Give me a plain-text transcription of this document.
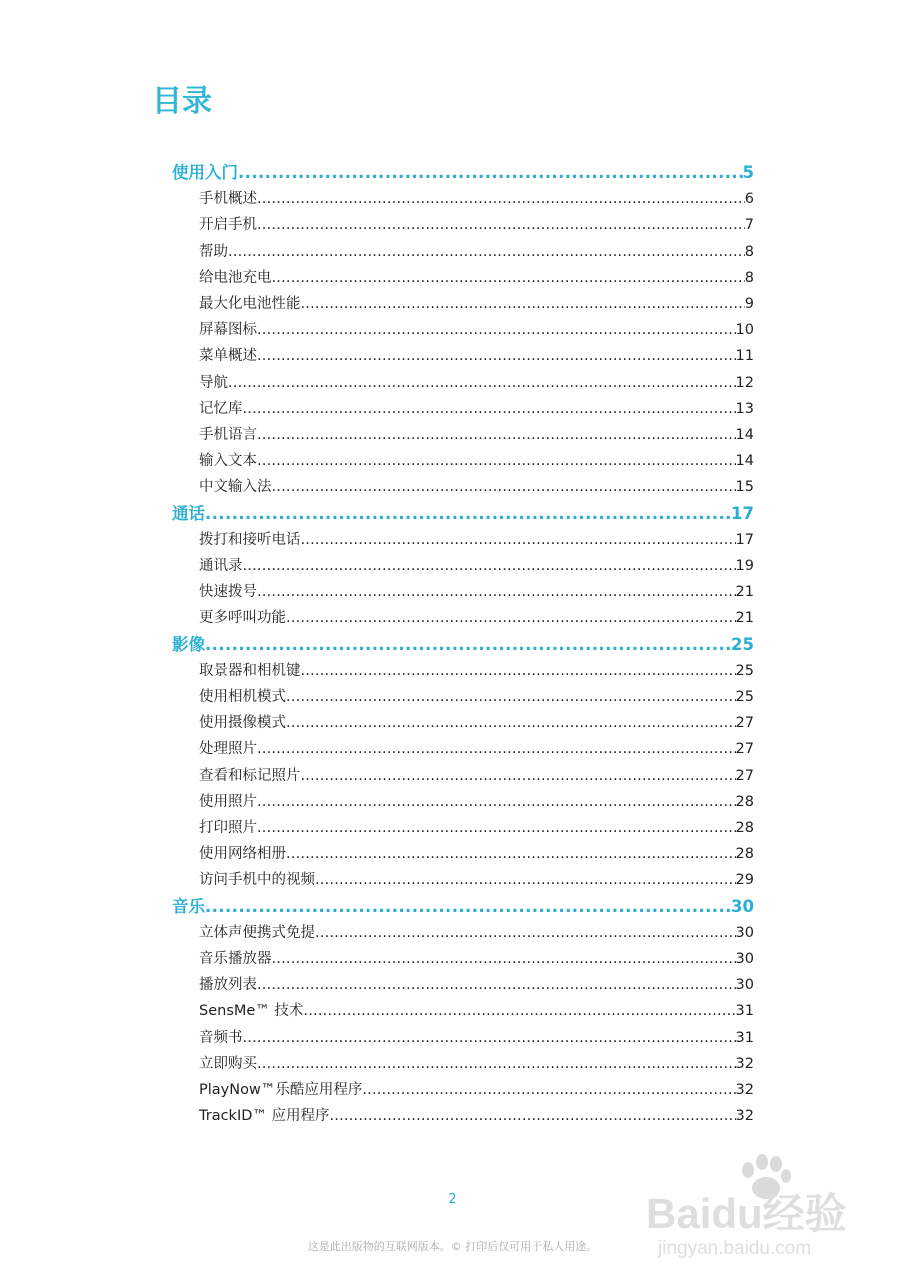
目录
使用入门 .....	5
手机概述 .....	6
开启手机 .....	7
帮助 .....	8
给电池充电 .....	8
最大化电池性能 .....	9
屏幕图标 .....	10
菜单概述 .....	11
导航 .....	12
记忆库 .....	13
手机语言 .....	14
输入文本 .....	14
中文输入法 .....	15
通话 .....	17
拨打和接听电话 .....	17
通讯录 .....	19
快速拨号 .....	21
更多呼叫功能 .....	21
影像 .....	25
取景器和相机键 .....	25
使用相机模式 .....	25
使用摄像模式 .....	27
处理照片 .....	27
查看和标记照片 .....	27
使用照片 .....	28
打印照片 .....	28
使用网络相册 .....	28
访问手机中的视频 .....	29
音乐 .....	30
立体声便携式免提 .....	30
音乐播放器 .....	30
播放列表 .....	30
SensMe™ 技术 .....	31
音频书 .....	31
立即购买 .....	32
PlayNow™乐酷应用程序 .....	32
TrackID™ 应用程序 .....	32
2
这是此出版物的互联网版本。© 打印后仅可用于私人用途。
Baidu经验
jingyan.baidu.com
